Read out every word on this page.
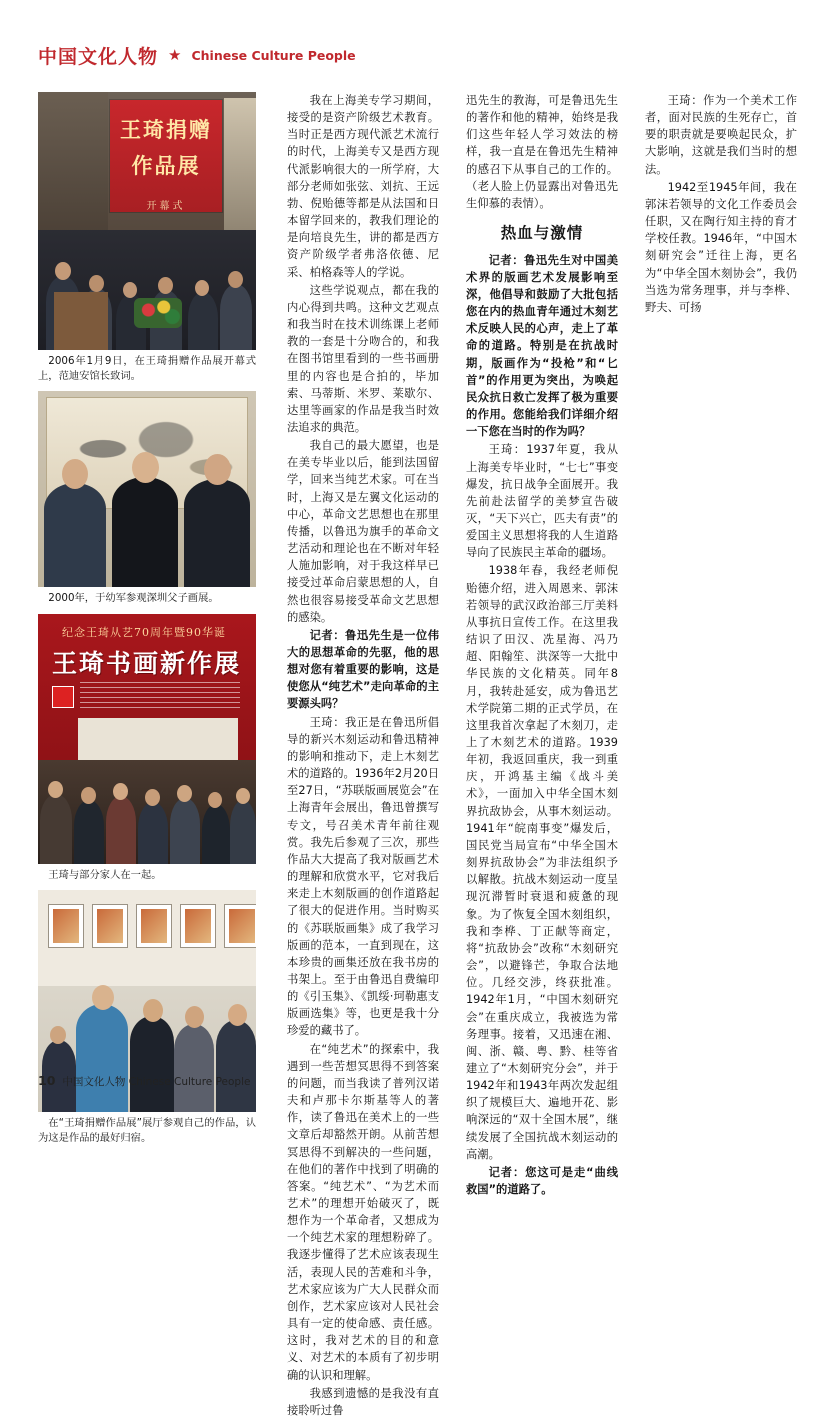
中国文化人物 ★ Chinese Culture People
王琦捐赠
作品展
开幕式
2006年1月9日，在王琦捐赠作品展开幕式上，范迪安馆长致词。
2000年，于幼军参观深圳父子画展。
纪念王琦从艺70周年暨90华诞
王琦书画新作展
王琦与部分家人在一起。
在“王琦捐赠作品展”展厅参观自己的作品，认为这是作品的最好归宿。

我在上海美专学习期间，接受的是资产阶级艺术教育。当时正是西方现代派艺术流行的时代，上海美专又是西方现代派影响很大的一所学府，大部分老师如张弦、刘抗、王远勃、倪贻德等都是从法国和日本留学回来的，教我们理论的是向培良先生，讲的都是西方资产阶级学者弗洛依德、尼采、柏格森等人的学说。

这些学说观点，都在我的内心得到共鸣。这种文艺观点和我当时在技术训练课上老师教的一套是十分吻合的，和我在图书馆里看到的一些书画册里的内容也是合拍的，毕加索、马蒂斯、米罗、莱歇尔、达里等画家的作品是我当时效法追求的典范。

我自己的最大愿望，也是在美专毕业以后，能到法国留学，回来当纯艺术家。可在当时，上海又是左翼文化运动的中心，革命文艺思想也在那里传播，以鲁迅为旗手的革命文艺活动和理论也在不断对年轻人施加影响，对于我这样早已接受过革命启蒙思想的人，自然也很容易接受革命文艺思想的感染。

记者：鲁迅先生是一位伟大的思想革命的先驱，他的思想对您有着重要的影响，这是使您从“纯艺术”走向革命的主要源头吗？

王琦：我正是在鲁迅所倡导的新兴木刻运动和鲁迅精神的影响和推动下，走上木刻艺术的道路的。1936年2月20日至27日，“苏联版画展览会”在上海青年会展出，鲁迅曾撰写专文，号召美术青年前往观赏。我先后参观了三次，那些作品大大提高了我对版画艺术的理解和欣赏水平，它对我后来走上木刻版画的创作道路起了很大的促进作用。当时购买的《苏联版画集》成了我学习版画的范本，一直到现在，这本珍贵的画集还放在我书房的书架上。至于由鲁迅自费编印的《引玉集》、《凯绥·珂勒惠支版画选集》等，也更是我十分珍爱的藏书了。

在“纯艺术”的探索中，我遇到一些苦想冥思得不到答案的问题，而当我读了普列汉诺夫和卢那卡尔斯基等人的著作，读了鲁迅在美术上的一些文章后却豁然开朗。从前苦想冥思得不到解决的一些问题，在他们的著作中找到了明确的答案。“纯艺术”、“为艺术而艺术”的理想开始破灭了，既想作为一个革命者，又想成为一个纯艺术家的理想粉碎了。我逐步懂得了艺术应该表现生活，表现人民的苦难和斗争，艺术家应该为广大人民群众而创作，艺术家应该对人民社会具有一定的使命感、责任感。这时，我对艺术的目的和意义、对艺术的本质有了初步明确的认识和理解。

我感到遗憾的是我没有直接聆听过鲁

迅先生的教海，可是鲁迅先生的著作和他的精神，始终是我们这些年轻人学习效法的榜样，我一直是在鲁迅先生精神的感召下从事自己的工作的。（老人脸上仍显露出对鲁迅先生仰慕的表情）。

热血与激情

记者：鲁迅先生对中国美术界的版画艺术发展影响至深，他倡导和鼓励了大批包括您在内的热血青年通过木刻艺术反映人民的心声，走上了革命的道路。特别是在抗战时期，版画作为“投枪”和“匕首”的作用更为突出，为唤起民众抗日救亡发挥了极为重要的作用。您能给我们详细介绍一下您在当时的作为吗？

王琦：1937年夏，我从上海美专毕业时，“七七”事变爆发，抗日战争全面展开。我先前赴法留学的美梦宣告破灭，“天下兴亡，匹夫有责”的爱国主义思想将我的人生道路导向了民族民主革命的疆场。

1938年春，我经老师倪贻德介绍，进入周恩来、郭沫若领导的武汉政治部三厅美料从事抗日宣传工作。在这里我结识了田汉、冼星海、冯乃超、阳翰笙、洪深等一大批中华民族的文化精英。同年8月，我转赴延安，成为鲁迅艺术学院第二期的正式学员，在这里我首次拿起了木刻刀，走上了木刻艺术的道路。1939年初，我返回重庆，我一到重庆，开鸿基主编《战斗美术》，一面加入中华全国木刻界抗敌协会，从事木刻运动。1941年“皖南事变”爆发后，国民党当局宣布“中华全国木刻界抗敌协会”为非法组织予以解散。抗战木刻运动一度呈现沉滞暂时衰退和疲惫的现象。为了恢复全国木刻组织，我和李桦、丁正献等商定，将“抗敌协会”改称“木刻研究会”，以避锋芒，争取合法地位。几经交涉，终获批准。1942年1月，“中国木刻研究会”在重庆成立，我被选为常务理事。接着，又迅速在湘、闽、浙、赣、粤、黔、桂等省建立了“木刻研究分会”，并于1942年和1943年两次发起组织了规模巨大、遍地开花、影响深远的“双十全国木展”，继续发展了全国抗战木刻运动的高潮。

记者：您这可是走“曲线救国”的道路了。

王琦：作为一个美术工作者，面对民族的生死存亡，首要的职责就是要唤起民众，扩大影响，这就是我们当时的想法。

1942至1945年间，我在郭沫若领导的文化工作委员会任职，又在陶行知主持的育才学校任教。1946年，“中国木刻研究会”迁往上海，更名为“中华全国木刻协会”，我仍当选为常务理事，并与李桦、野夫、可扬

10 中国文化人物 Chinese Culture People
